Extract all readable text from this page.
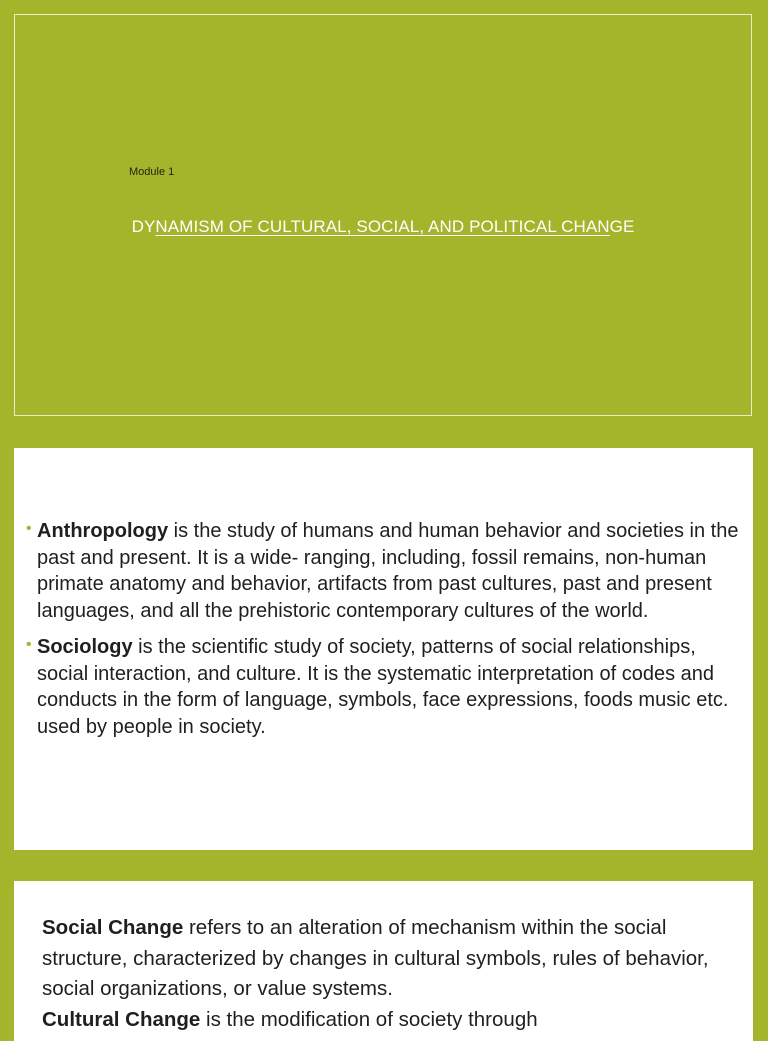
Module 1
DYNAMISM OF CULTURAL, SOCIAL, AND POLITICAL CHANGE
• Anthropology is the study of humans and human behavior and societies in the past and present. It is a wide- ranging, including, fossil remains, non-human primate anatomy and behavior, artifacts from past cultures, past and present languages, and all the prehistoric contemporary cultures of the world.
• Sociology is the scientific study of society, patterns of social relationships, social interaction, and culture. It is the systematic interpretation of codes and conducts in the form of language, symbols, face expressions, foods music etc. used by people in society.

Social Change refers to an alteration of mechanism within the social structure, characterized by changes in cultural symbols, rules of behavior, social organizations, or value systems.
Cultural Change is the modification of society through
